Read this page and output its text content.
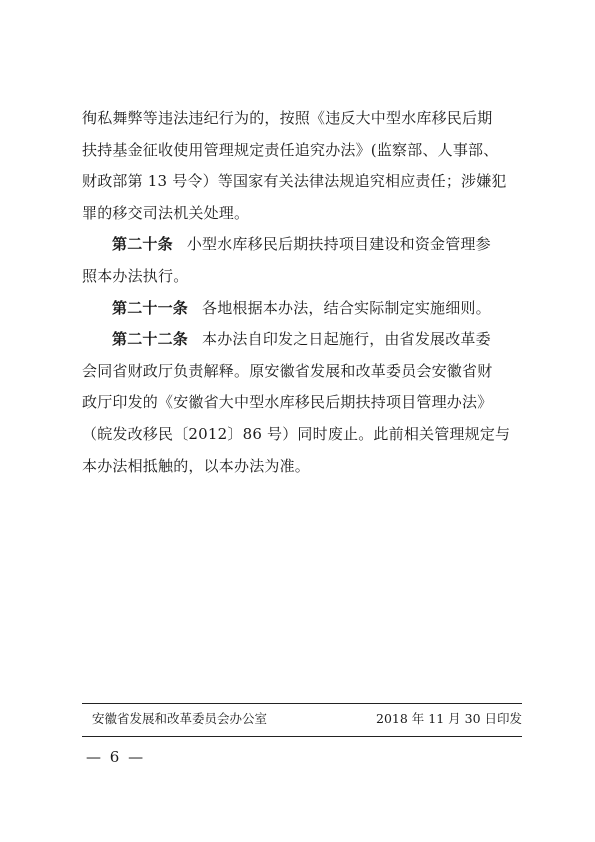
徇私舞弊等违法违纪行为的，按照《违反大中型水库移民后期
扶持基金征收使用管理规定责任追究办法》(监察部、人事部、
财政部第 13 号令）等国家有关法律法规追究相应责任；涉嫌犯
罪的移交司法机关处理。
第二十条 小型水库移民后期扶持项目建设和资金管理参
照本办法执行。
第二十一条 各地根据本办法，结合实际制定实施细则。
第二十二条 本办法自印发之日起施行，由省发展改革委
会同省财政厅负责解释。原安徽省发展和改革委员会安徽省财
政厅印发的《安徽省大中型水库移民后期扶持项目管理办法》
（皖发改移民〔2012〕86 号）同时废止。此前相关管理规定与
本办法相抵触的，以本办法为准。
安徽省发展和改革委员会办公室	2018 年 11 月 30 日印发
— 6 —
